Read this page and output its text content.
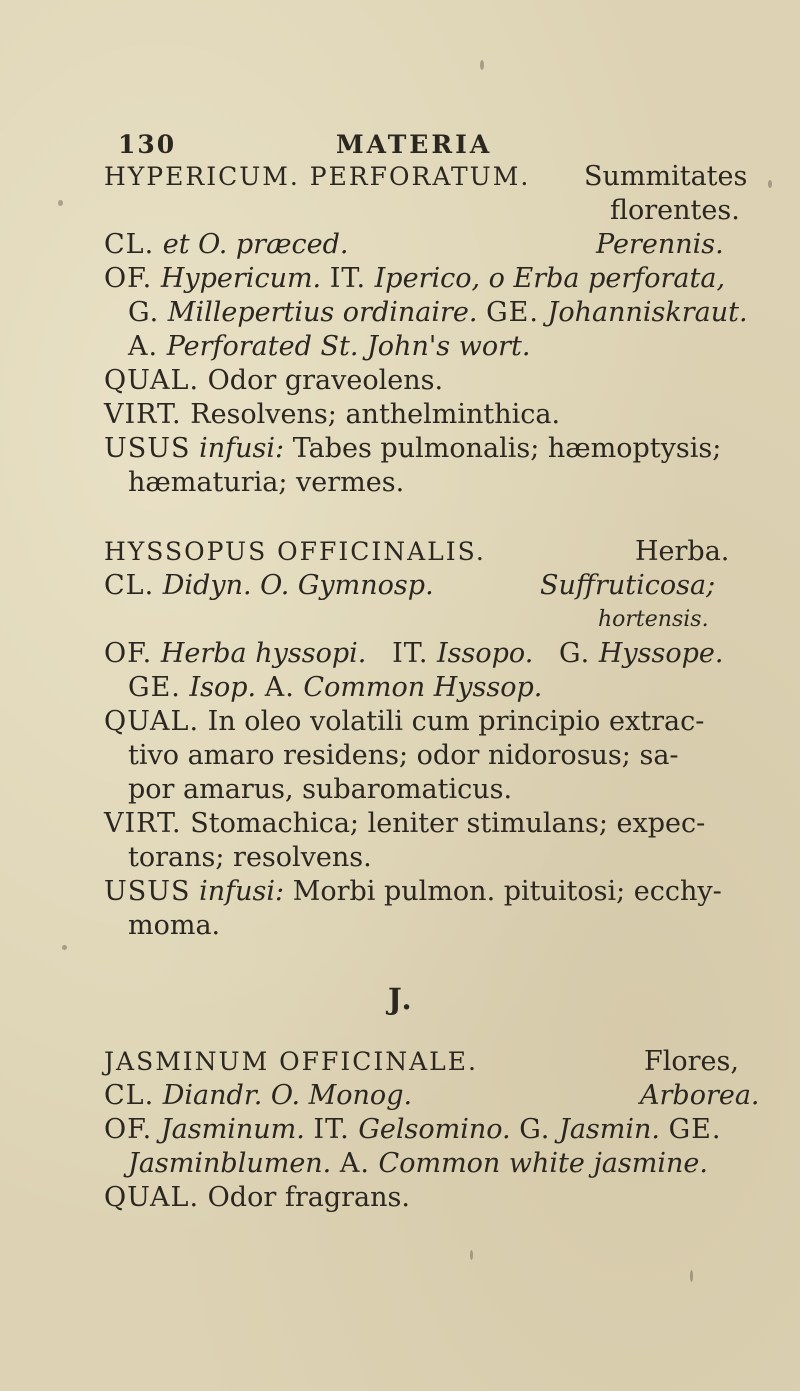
130	MATERIA
HYPERICUM. PERFORATUM. Summitates
florentes.
CL. et O. præced.	Perennis.
OF. Hypericum. IT. Iperico, o Erba perforata,
G. Millepertius ordinaire. GE. Johanniskraut.
A. Perforated St. John's wort.
QUAL. Odor graveolens.
VIRT. Resolvens; anthelminthica.
USUS infusi: Tabes pulmonalis; hæmoptysis;
hæmaturia; vermes.
HYSSOPUS OFFICINALIS.	Herba.
CL. Didyn. O. Gymnosp.	Suffruticosa;
hortensis.
OF. Herba hyssopi. IT. Issopo. G. Hyssope.
GE. Isop. A. Common Hyssop.
QUAL. In oleo volatili cum principio extrac-
tivo amaro residens; odor nidorosus; sa-
por amarus, subaromaticus.
VIRT. Stomachica; leniter stimulans; expec-
torans; resolvens.
USUS infusi: Morbi pulmon. pituitosi; ecchy-
moma.
J.
JASMINUM OFFICINALE.	Flores,
CL. Diandr. O. Monog.	Arborea.
OF. Jasminum. IT. Gelsomino. G. Jasmin. GE.
Jasminblumen. A. Common white jasmine.
QUAL. Odor fragrans.
